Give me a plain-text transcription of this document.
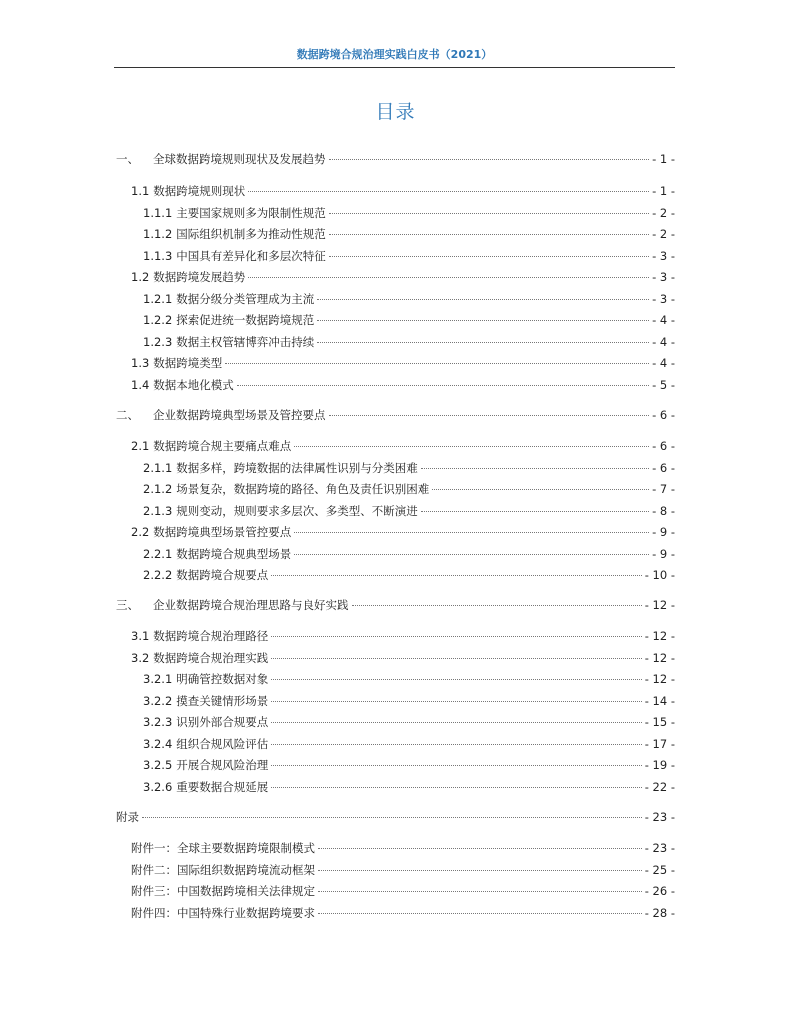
数据跨境合规治理实践白皮书（2021）
目录
一、 全球数据跨境规则现状及发展趋势	- 1 -
1.1 数据跨境规则现状	- 1 -
1.1.1 主要国家规则多为限制性规范	- 2 -
1.1.2 国际组织机制多为推动性规范	- 2 -
1.1.3 中国具有差异化和多层次特征	- 3 -
1.2 数据跨境发展趋势	- 3 -
1.2.1 数据分级分类管理成为主流	- 3 -
1.2.2 探索促进统一数据跨境规范	- 4 -
1.2.3 数据主权管辖博弈冲击持续	- 4 -
1.3 数据跨境类型	- 4 -
1.4 数据本地化模式	- 5 -
二、 企业数据跨境典型场景及管控要点	- 6 -
2.1 数据跨境合规主要痛点难点	- 6 -
2.1.1 数据多样，跨境数据的法律属性识别与分类困难	- 6 -
2.1.2 场景复杂，数据跨境的路径、角色及责任识别困难	- 7 -
2.1.3 规则变动，规则要求多层次、多类型、不断演进	- 8 -
2.2 数据跨境典型场景管控要点	- 9 -
2.2.1 数据跨境合规典型场景	- 9 -
2.2.2 数据跨境合规要点	- 10 -
三、 企业数据跨境合规治理思路与良好实践	- 12 -
3.1 数据跨境合规治理路径	- 12 -
3.2 数据跨境合规治理实践	- 12 -
3.2.1 明确管控数据对象	- 12 -
3.2.2 摸查关键情形场景	- 14 -
3.2.3 识别外部合规要点	- 15 -
3.2.4 组织合规风险评估	- 17 -
3.2.5 开展合规风险治理	- 19 -
3.2.6 重要数据合规延展	- 22 -
附录	- 23 -
附件一：全球主要数据跨境限制模式	- 23 -
附件二：国际组织数据跨境流动框架	- 25 -
附件三：中国数据跨境相关法律规定	- 26 -
附件四：中国特殊行业数据跨境要求	- 28 -
